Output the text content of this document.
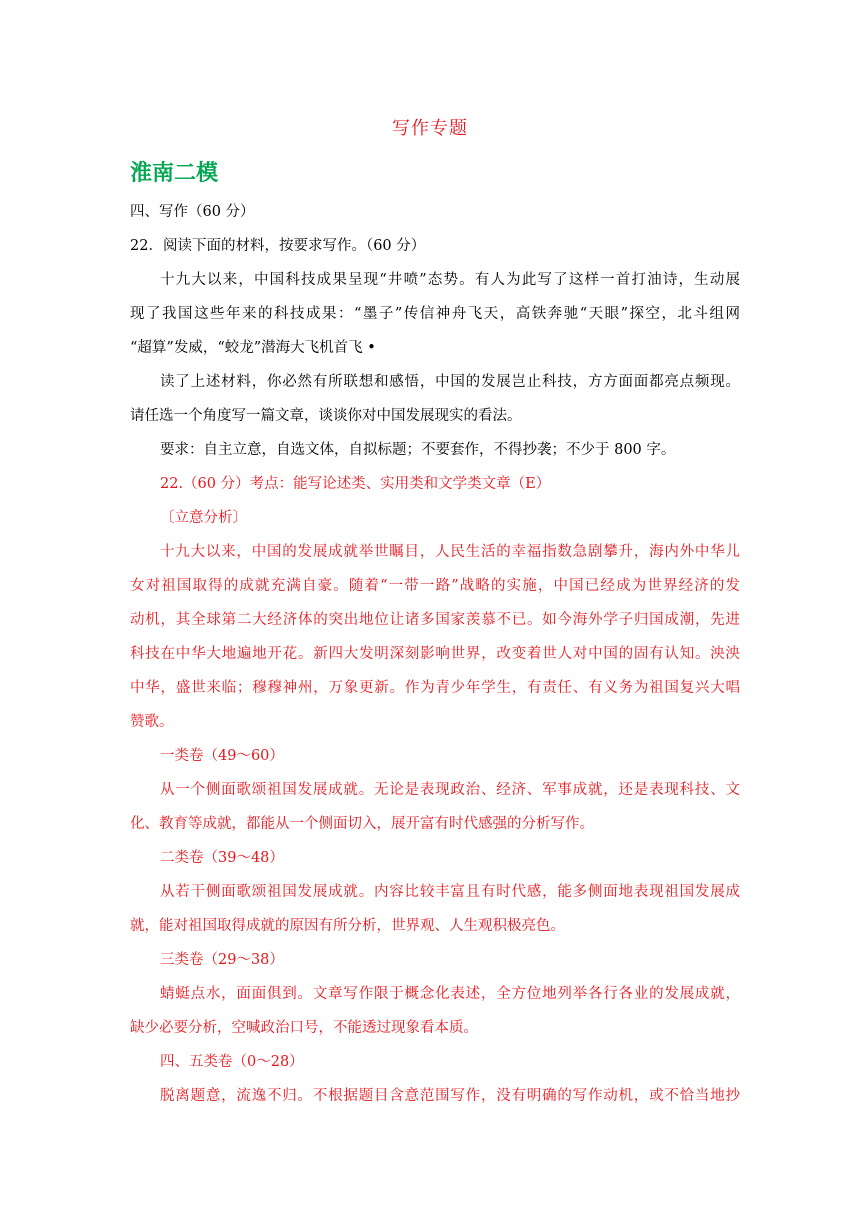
写作专题
淮南二模
四、写作（60 分）
22．阅读下面的材料，按要求写作。（60 分）
十九大以来，中国科技成果呈现“井喷”态势。有人为此写了这样一首打油诗，生动展
现了我国这些年来的科技成果：“墨子”传信神舟飞天，高铁奔驰“天眼”探空，北斗组网
“超算”发威，“蛟龙”潜海大飞机首飞 •
读了上述材料，你必然有所联想和感悟，中国的发展岂止科技，方方面面都亮点频现。
请任选一个角度写一篇文章，谈谈你对中国发展现实的看法。
要求：自主立意，自选文体，自拟标题；不要套作，不得抄袭；不少于 800 字。
22.（60 分）考点：能写论述类、实用类和文学类文章（E）
〔立意分析〕
十九大以来，中国的发展成就举世瞩目，人民生活的幸福指数急剧攀升，海内外中华儿
女对祖国取得的成就充满自豪。随着“一带一路”战略的实施，中国已经成为世界经济的发
动机，其全球第二大经济体的突出地位让诸多国家羡慕不已。如今海外学子归国成潮，先进
科技在中华大地遍地开花。新四大发明深刻影响世界，改变着世人对中国的固有认知。泱泱
中华，盛世来临；穆穆神州，万象更新。作为青少年学生，有责任、有义务为祖国复兴大唱
赞歌。
一类卷（49～60）
从一个侧面歌颂祖国发展成就。无论是表现政治、经济、军事成就，还是表现科技、文
化、教育等成就，都能从一个侧面切入，展开富有时代感强的分析写作。
二类卷（39～48）
从若干侧面歌颂祖国发展成就。内容比较丰富且有时代感，能多侧面地表现祖国发展成
就，能对祖国取得成就的原因有所分析，世界观、人生观积极亮色。
三类卷（29～38）
蜻蜓点水，面面俱到。文章写作限于概念化表述，全方位地列举各行各业的发展成就，
缺少必要分析，空喊政治口号，不能透过现象看本质。
四、五类卷（0～28）
脱离题意，流逸不归。不根据题目含意范围写作，没有明确的写作动机，或不恰当地抄
